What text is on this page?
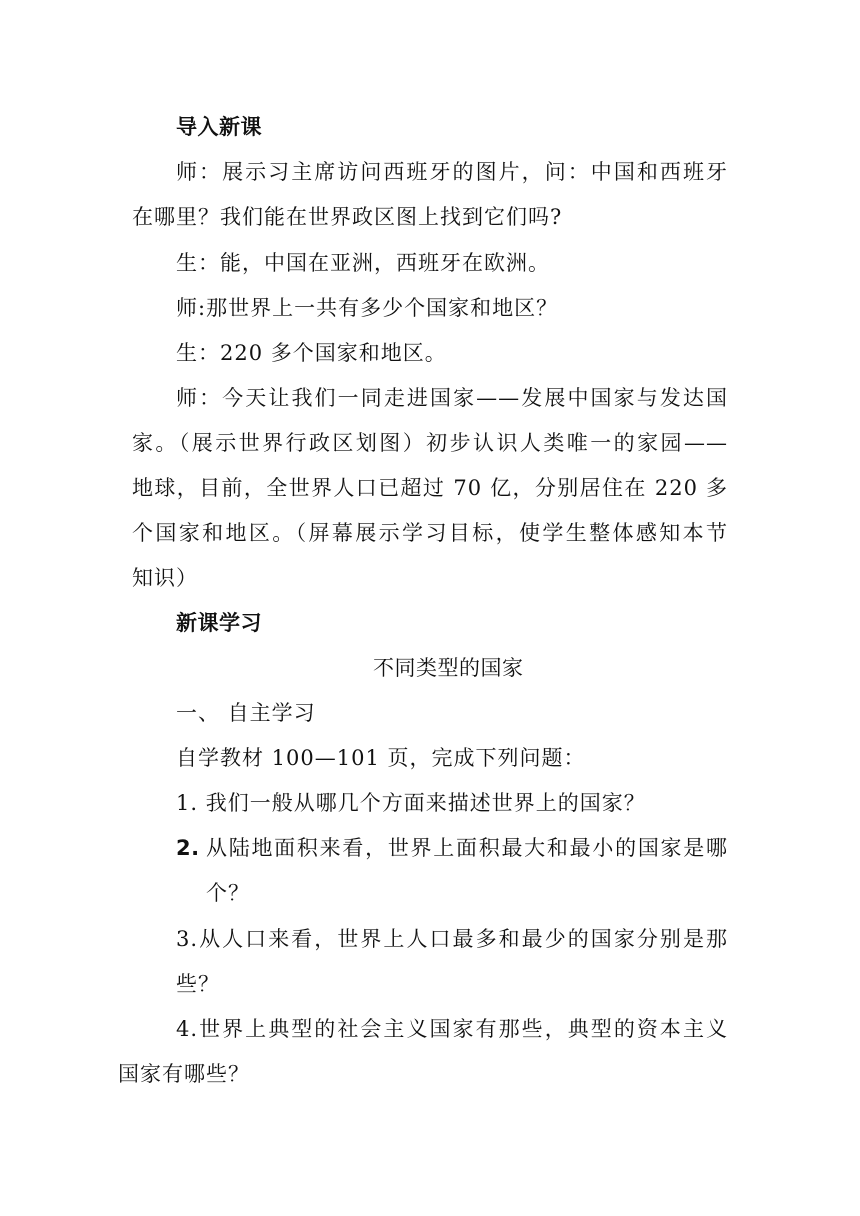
导入新课
师：展示习主席访问西班牙的图片，问：中国和西班牙
在哪里？我们能在世界政区图上找到它们吗?
生：能，中国在亚洲，西班牙在欧洲。
师:那世界上一共有多少个国家和地区？
生：220 多个国家和地区。
师：今天让我们一同走进国家——发展中国家与发达国
家。（展示世界行政区划图）初步认识人类唯一的家园——
地球，目前，全世界人口已超过 70 亿，分别居住在 220 多
个国家和地区。（屏幕展示学习目标，使学生整体感知本节
知识）
新课学习
不同类型的国家
一、 自主学习
自学教材 100—101 页，完成下列问题：
1. 我们一般从哪几个方面来描述世界上的国家？
2. 从陆地面积来看，世界上面积最大和最小的国家是哪
个？
3.从人口来看，世界上人口最多和最少的国家分别是那
些？
4.世界上典型的社会主义国家有那些，典型的资本主义
国家有哪些？
